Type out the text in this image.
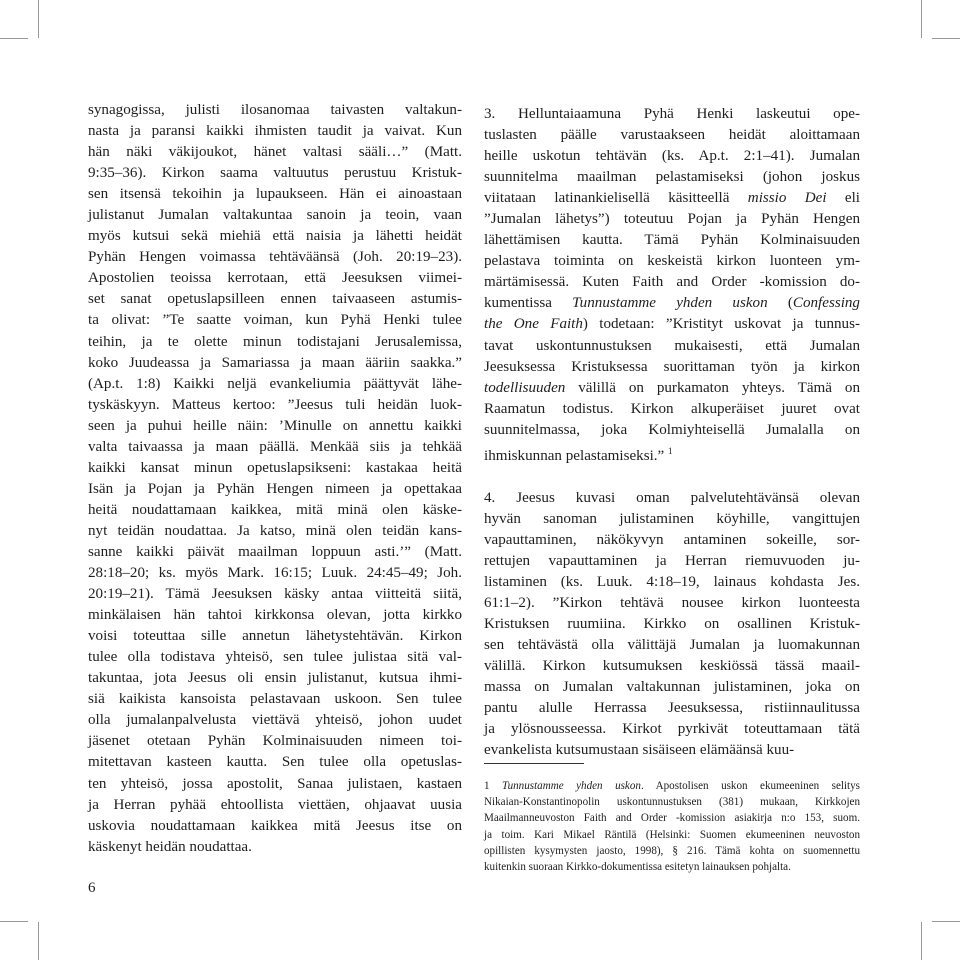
synagogissa, julisti ilosanomaa taivasten valtakun-
nasta ja paransi kaikki ihmisten taudit ja vaivat. Kun
hän näki väkijoukot, hänet valtasi sääli…” (Matt.
9:35–36). Kirkon saama valtuutus perustuu Kristuk-
sen itsensä tekoihin ja lupaukseen. Hän ei ainoastaan
julistanut Jumalan valtakuntaa sanoin ja teoin, vaan
myös kutsui sekä miehiä että naisia ja lähetti heidät
Pyhän Hengen voimassa tehtäväänsä (Joh. 20:19–23).
Apostolien teoissa kerrotaan, että Jeesuksen viimei-
set sanat opetuslapsilleen ennen taivaaseen astumis-
ta olivat: ”Te saatte voiman, kun Pyhä Henki tulee
teihin, ja te olette minun todistajani Jerusalemissa,
koko Juudeassa ja Samariassa ja maan ääriin saakka.”
(Ap.t. 1:8) Kaikki neljä evankeliumia päättyvät lähe-
tyskäskyyn. Matteus kertoo: ”Jeesus tuli heidän luok-
seen ja puhui heille näin: ’Minulle on annettu kaikki
valta taivaassa ja maan päällä. Menkää siis ja tehkää
kaikki kansat minun opetuslapsikseni: kastakaa heitä
Isän ja Pojan ja Pyhän Hengen nimeen ja opettakaa
heitä noudattamaan kaikkea, mitä minä olen käske-
nyt teidän noudattaa. Ja katso, minä olen teidän kans-
sanne kaikki päivät maailman loppuun asti.’” (Matt.
28:18–20; ks. myös Mark. 16:15; Luuk. 24:45–49; Joh.
20:19–21). Tämä Jeesuksen käsky antaa viitteitä siitä,
minkälaisen hän tahtoi kirkkonsa olevan, jotta kirkko
voisi toteuttaa sille annetun lähetystehtävän. Kirkon
tulee olla todistava yhteisö, sen tulee julistaa sitä val-
takuntaa, jota Jeesus oli ensin julistanut, kutsua ihmi-
siä kaikista kansoista pelastavaan uskoon. Sen tulee
olla jumalanpalvelusta viettävä yhteisö, johon uudet
jäsenet otetaan Pyhän Kolminaisuuden nimeen toi-
mitettavan kasteen kautta. Sen tulee olla opetuslas-
ten yhteisö, jossa apostolit, Sanaa julistaen, kastaen
ja Herran pyhää ehtoollista viettäen, ohjaavat uusia
uskovia noudattamaan kaikkea mitä Jeesus itse on
käskenyt heidän noudattaa.
3. Helluntaiaamuna Pyhä Henki laskeutui ope-
tuslasten päälle varustaakseen heidät aloittamaan
heille uskotun tehtävän (ks. Ap.t. 2:1–41). Jumalan
suunnitelma maailman pelastamiseksi (johon joskus
viitataan latinankielisellä käsitteellä missio Dei eli
”Jumalan lähetys”) toteutuu Pojan ja Pyhän Hengen
lähettämisen kautta. Tämä Pyhän Kolminaisuuden
pelastava toiminta on keskeistä kirkon luonteen ym-
märtämisessä. Kuten Faith and Order -komission do-
kumentissa Tunnustamme yhden uskon (Confessing
the One Faith) todetaan: ”Kristityt uskovat ja tunnus-
tavat uskontunnustuksen mukaisesti, että Jumalan
Jeesuksessa Kristuksessa suorittaman työn ja kirkon
todellisuuden välillä on purkamaton yhteys. Tämä on
Raamatun todistus. Kirkon alkuperäiset juuret ovat
suunnitelmassa, joka Kolmiyhteisellä Jumalalla on
ihmiskunnan pelastamiseksi.” $^1$
4. Jeesus kuvasi oman palvelutehtävänsä olevan
hyvän sanoman julistaminen köyhille, vangittujen
vapauttaminen, näkökyvyn antaminen sokeille, sor-
rettujen vapauttaminen ja Herran riemuvuoden ju-
listaminen (ks. Luuk. 4:18–19, lainaus kohdasta Jes.
61:1–2). ”Kirkon tehtävä nousee kirkon luonteesta
Kristuksen ruumiina. Kirkko on osallinen Kristuk-
sen tehtävästä olla välittäjä Jumalan ja luomakunnan
välillä. Kirkon kutsumuksen keskiössä tässä maail-
massa on Jumalan valtakunnan julistaminen, joka on
pantu alulle Herrassa Jeesuksessa, ristiinnaulitussa
ja ylösnousseessa. Kirkot pyrkivät toteuttamaan tätä
evankelista kutsumustaan sisäiseen elämäänsä kuu-
1 Tunnustamme yhden uskon. Apostolisen uskon ekumeeninen selitys
Nikaian-Konstantinopolin uskontunnustuksen (381) mukaan, Kirkkojen
Maailmanneuvoston Faith and Order -komission asiakirja n:o 153, suom.
ja toim. Kari Mikael Räntilä (Helsinki: Suomen ekumeeninen neuvoston
opillisten kysymysten jaosto, 1998), § 216. Tämä kohta on suomennettu
kuitenkin suoraan Kirkko-dokumentissa esitetyn lainauksen pohjalta.
6
